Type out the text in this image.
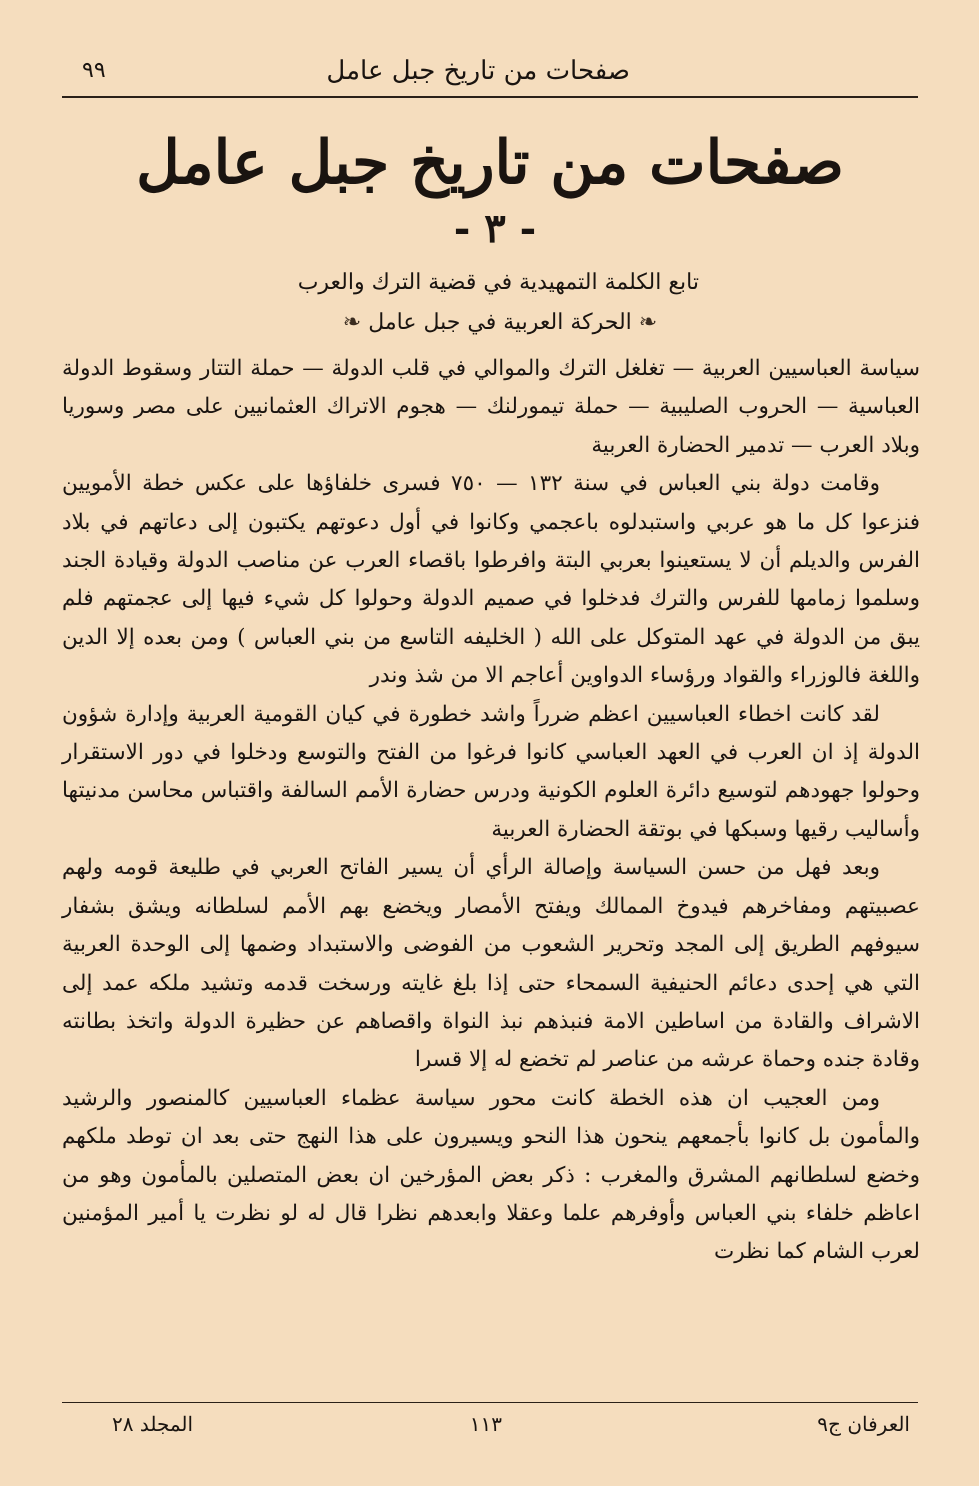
صفحات من تاريخ جبل عامل
٩٩
صفحات من تاريخ جبل عامل
- ٣ -
تابع الكلمة التمهيدية في قضية الترك والعرب
❧ الحركة العربية في جبل عامل ❧

سياسة العباسيين العربية — تغلغل الترك والموالي في قلب الدولة — حملة التتار وسقوط الدولة العباسية — الحروب الصليبية — حملة تيمورلنك — هجوم الاتراك العثمانيين على مصر وسوريا وبلاد العرب — تدمير الحضارة العربية

وقامت دولة بني العباس في سنة ١٣٢ — ٧٥٠ فسرى خلفاؤها على عكس خطة الأمويين فنزعوا كل ما هو عربي واستبدلوه باعجمي وكانوا في أول دعوتهم يكتبون إلى دعاتهم في بلاد الفرس والديلم أن لا يستعينوا بعربي البتة وافرطوا باقصاء العرب عن مناصب الدولة وقيادة الجند وسلموا زمامها للفرس والترك فدخلوا في صميم الدولة وحولوا كل شيء فيها إلى عجمتهم فلم يبق من الدولة في عهد المتوكل على الله ( الخليفه التاسع من بني العباس ) ومن بعده إلا الدين واللغة فالوزراء والقواد ورؤساء الدواوين أعاجم الا من شذ وندر

لقد كانت اخطاء العباسيين اعظم ضرراً واشد خطورة في كيان القومية العربية وإدارة شؤون الدولة إذ ان العرب في العهد العباسي كانوا فرغوا من الفتح والتوسع ودخلوا في دور الاستقرار وحولوا جهودهم لتوسيع دائرة العلوم الكونية ودرس حضارة الأمم السالفة واقتباس محاسن مدنيتها وأساليب رقيها وسبكها في بوتقة الحضارة العربية

وبعد فهل من حسن السياسة وإصالة الرأي أن يسير الفاتح العربي في طليعة قومه ولهم عصبيتهم ومفاخرهم فيدوخ الممالك ويفتح الأمصار ويخضع بهم الأمم لسلطانه ويشق بشفار سيوفهم الطريق إلى المجد وتحرير الشعوب من الفوضى والاستبداد وضمها إلى الوحدة العربية التي هي إحدى دعائم الحنيفية السمحاء حتى إذا بلغ غايته ورسخت قدمه وتشيد ملكه عمد إلى الاشراف والقادة من اساطين الامة فنبذهم نبذ النواة واقصاهم عن حظيرة الدولة واتخذ بطانته وقادة جنده وحماة عرشه من عناصر لم تخضع له إلا قسرا

ومن العجيب ان هذه الخطة كانت محور سياسة عظماء العباسيين كالمنصور والرشيد والمأمون بل كانوا بأجمعهم ينحون هذا النحو ويسيرون على هذا النهج حتى بعد ان توطد ملكهم وخضع لسلطانهم المشرق والمغرب : ذكر بعض المؤرخين ان بعض المتصلين بالمأمون وهو من اعاظم خلفاء بني العباس وأوفرهم علما وعقلا وابعدهم نظرا قال له لو نظرت يا أمير المؤمنين لعرب الشام كما نظرت

العرفان ج٩
١١٣
المجلد ٢٨
